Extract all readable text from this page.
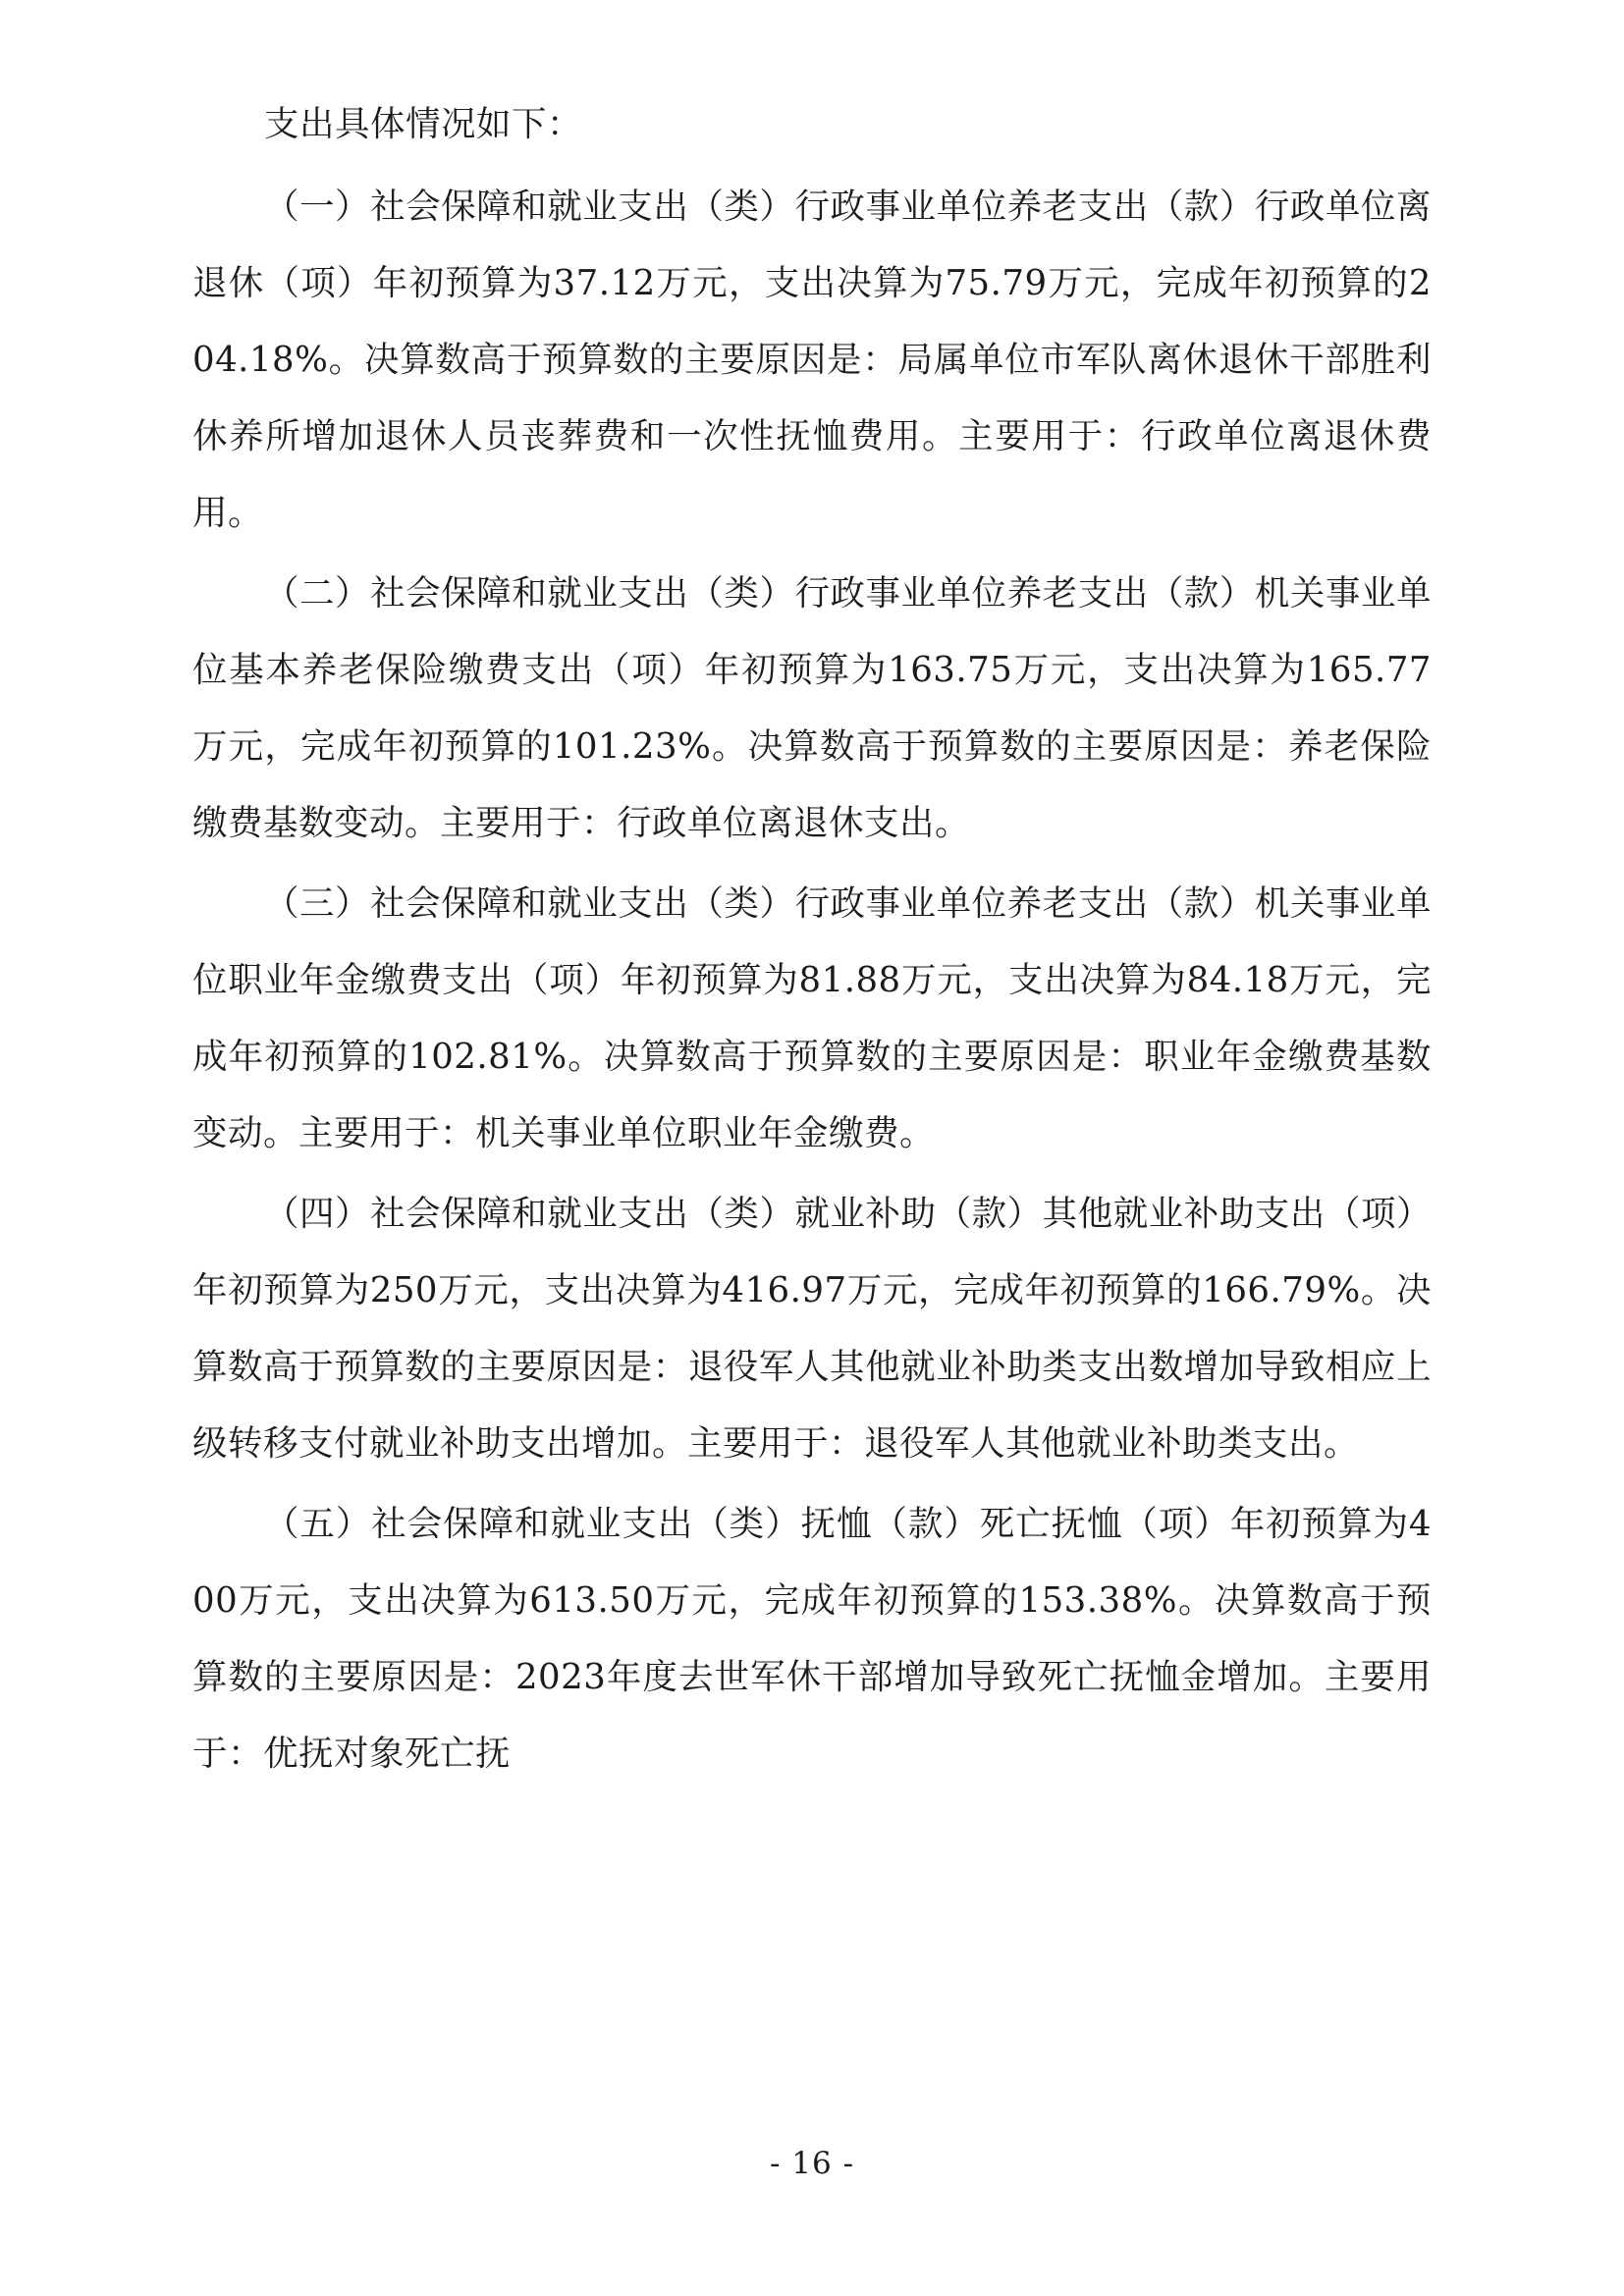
支出具体情况如下：

（一）社会保障和就业支出（类）行政事业单位养老支出（款）行政单位离退休（项）年初预算为37.12万元，支出决算为75.79万元，完成年初预算的204.18%。决算数高于预算数的主要原因是：局属单位市军队离休退休干部胜利休养所增加退休人员丧葬费和一次性抚恤费用。主要用于：行政单位离退休费用。

（二）社会保障和就业支出（类）行政事业单位养老支出（款）机关事业单位基本养老保险缴费支出（项）年初预算为163.75万元，支出决算为165.77万元，完成年初预算的101.23%。决算数高于预算数的主要原因是：养老保险缴费基数变动。主要用于：行政单位离退休支出。

（三）社会保障和就业支出（类）行政事业单位养老支出（款）机关事业单位职业年金缴费支出（项）年初预算为81.88万元，支出决算为84.18万元，完成年初预算的102.81%。决算数高于预算数的主要原因是：职业年金缴费基数变动。主要用于：机关事业单位职业年金缴费。

（四）社会保障和就业支出（类）就业补助（款）其他就业补助支出（项）年初预算为250万元，支出决算为416.97万元，完成年初预算的166.79%。决算数高于预算数的主要原因是：退役军人其他就业补助类支出数增加导致相应上级转移支付就业补助支出增加。主要用于：退役军人其他就业补助类支出。

（五）社会保障和就业支出（类）抚恤（款）死亡抚恤（项）年初预算为400万元，支出决算为613.50万元，完成年初预算的153.38%。决算数高于预算数的主要原因是：2023年度去世军休干部增加导致死亡抚恤金增加。主要用于：优抚对象死亡抚

- 16 -
